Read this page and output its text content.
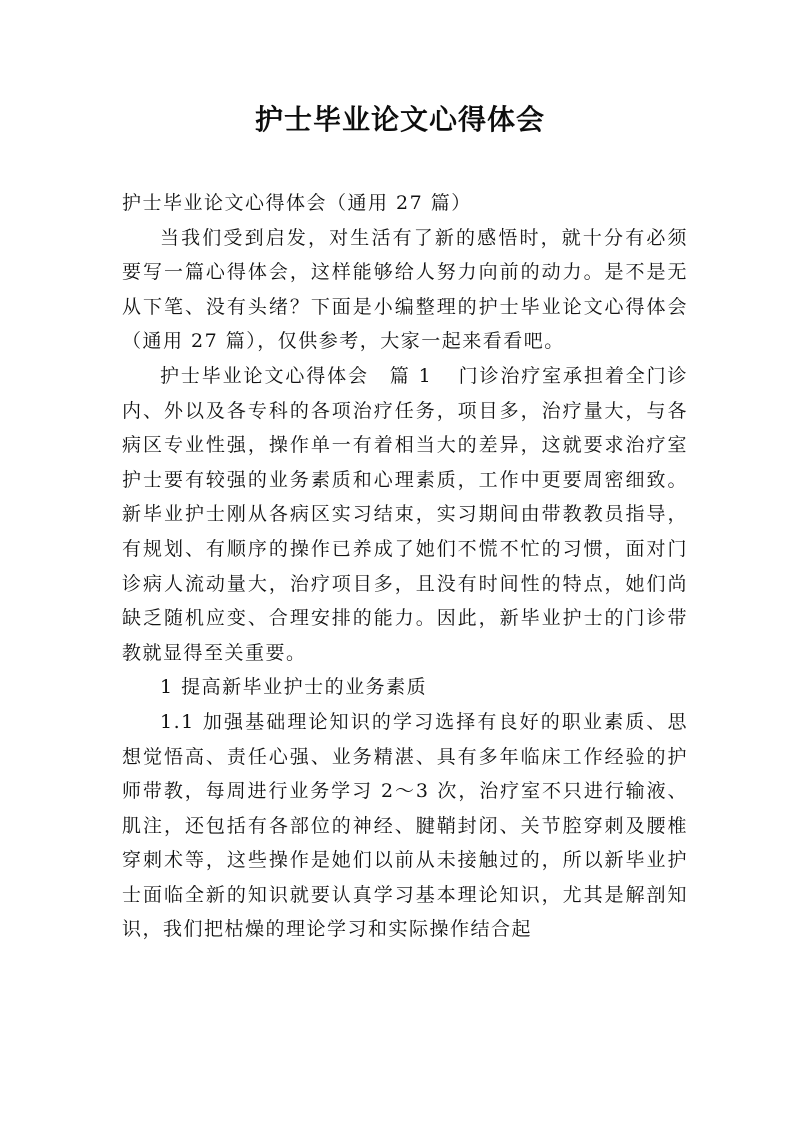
护士毕业论文心得体会

护士毕业论文心得体会（通用 27 篇）

当我们受到启发，对生活有了新的感悟时，就十分有必须要写一篇心得体会，这样能够给人努力向前的动力。是不是无从下笔、没有头绪？下面是小编整理的护士毕业论文心得体会（通用 27 篇），仅供参考，大家一起来看看吧。

护士毕业论文心得体会　篇 1 门诊治疗室承担着全门诊内、外以及各专科的各项治疗任务，项目多，治疗量大，与各病区专业性强，操作单一有着相当大的差异，这就要求治疗室护士要有较强的业务素质和心理素质，工作中更要周密细致。新毕业护士刚从各病区实习结束，实习期间由带教教员指导，有规划、有顺序的操作已养成了她们不慌不忙的习惯，面对门诊病人流动量大，治疗项目多，且没有时间性的特点，她们尚缺乏随机应变、合理安排的能力。因此，新毕业护士的门诊带教就显得至关重要。

1 提高新毕业护士的业务素质

1.1 加强基础理论知识的学习选择有良好的职业素质、思想觉悟高、责任心强、业务精湛、具有多年临床工作经验的护师带教，每周进行业务学习 2～3 次，治疗室不只进行输液、肌注，还包括有各部位的神经、腱鞘封闭、关节腔穿刺及腰椎穿刺术等，这些操作是她们以前从未接触过的，所以新毕业护士面临全新的知识就要认真学习基本理论知识，尤其是解剖知识，我们把枯燥的理论学习和实际操作结合起
